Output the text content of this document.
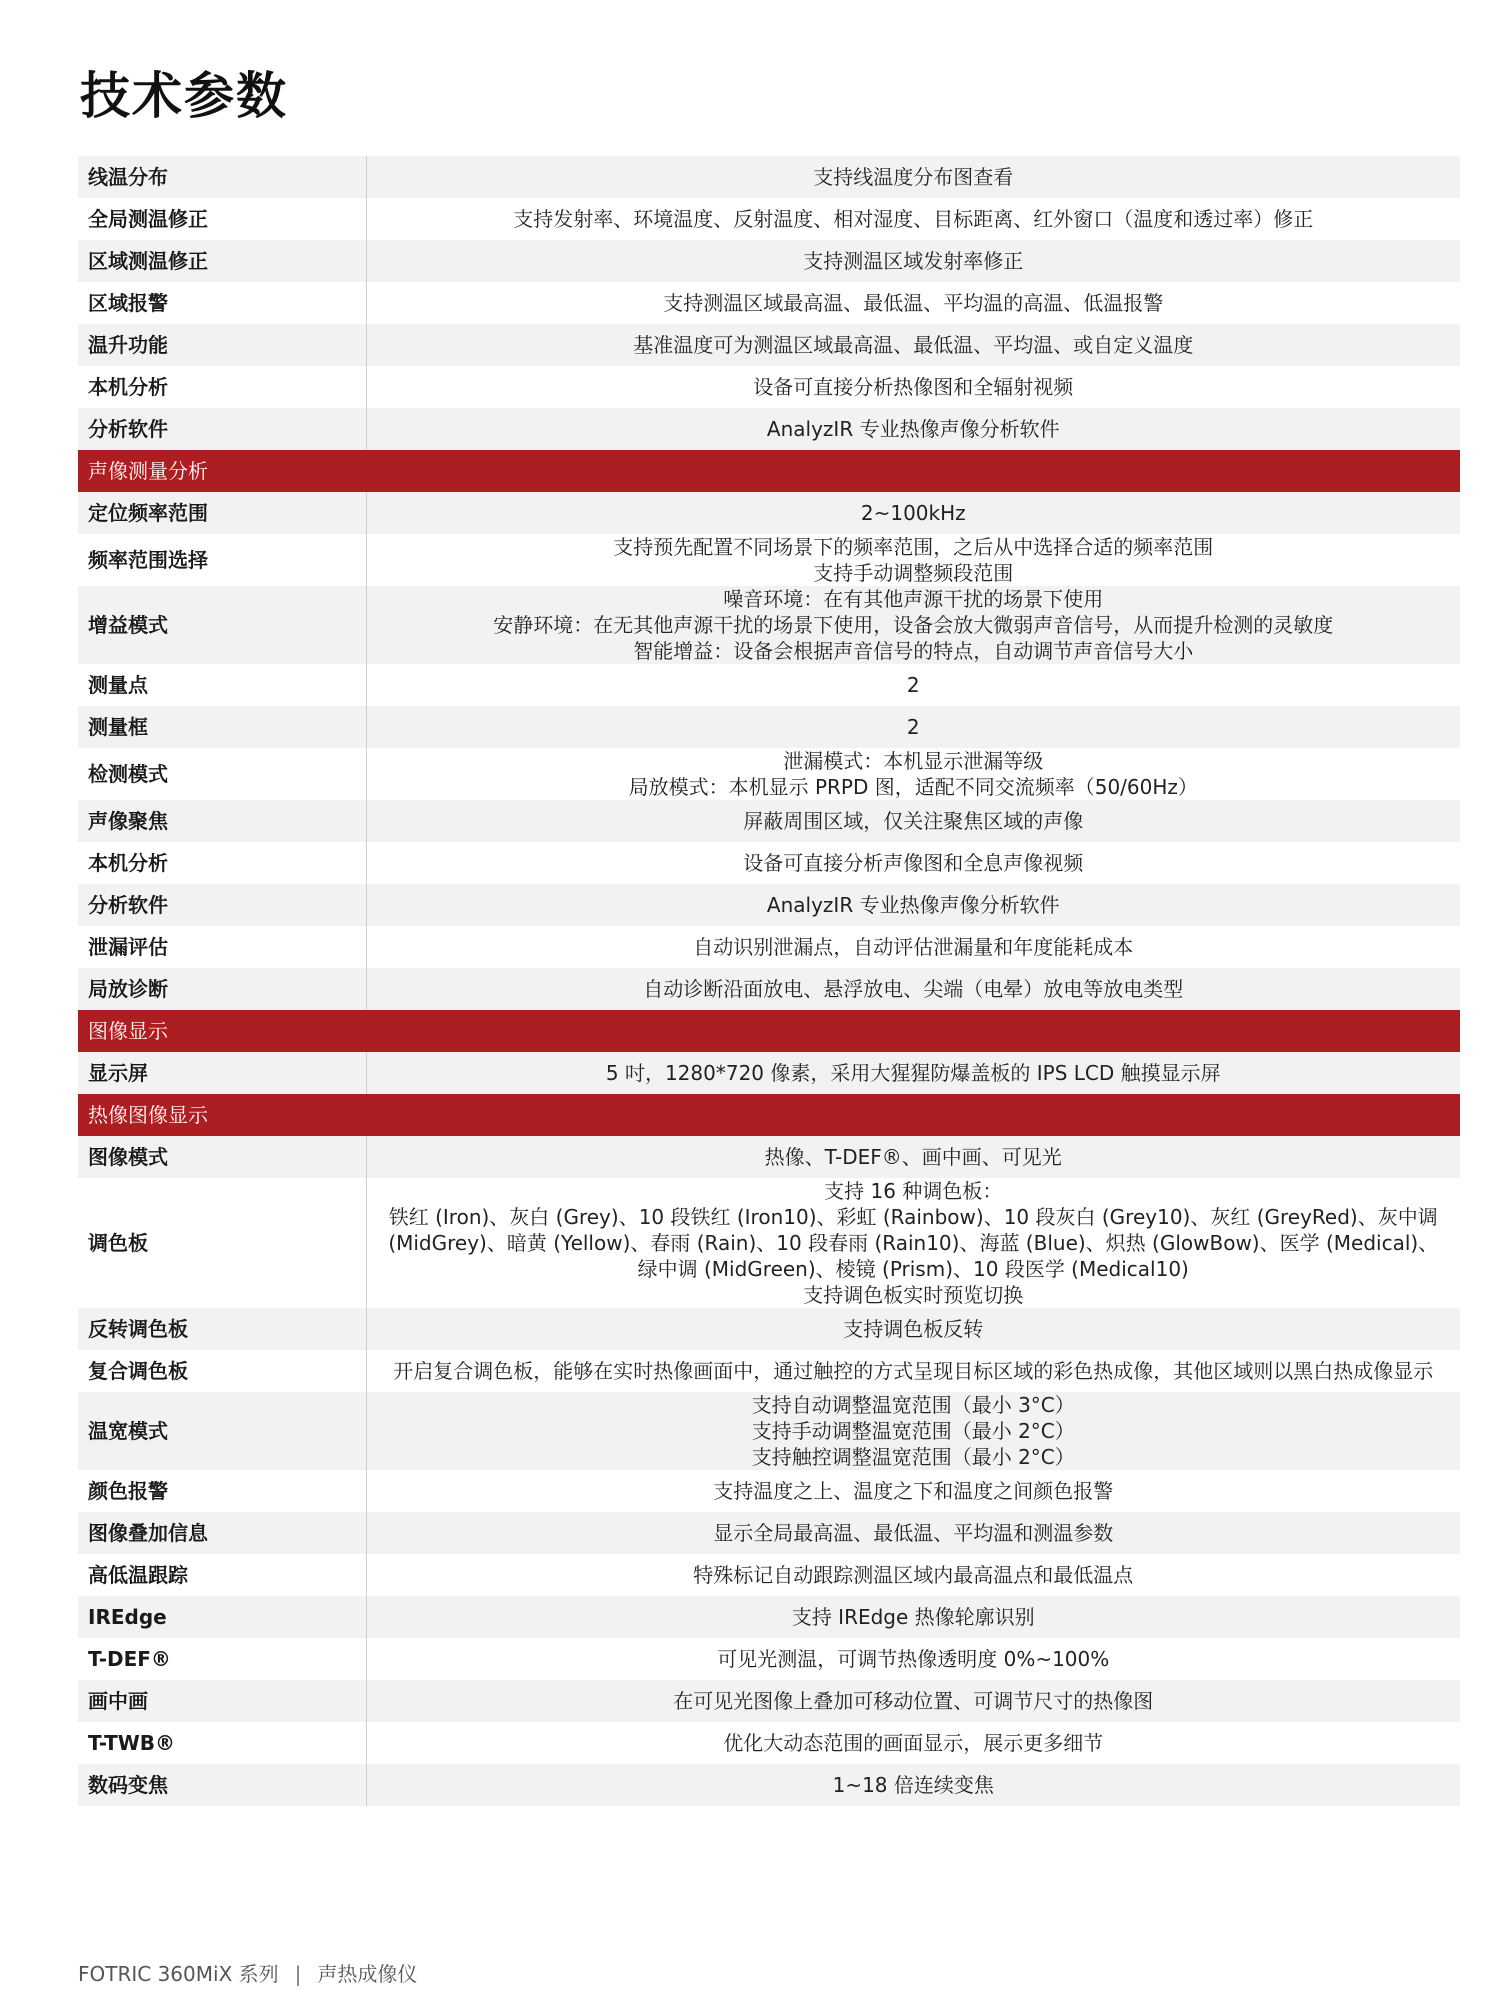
技术参数
线温分布	支持线温度分布图查看

全局测温修正	支持发射率、环境温度、反射温度、相对湿度、目标距离、红外窗口（温度和透过率）修正

区域测温修正	支持测温区域发射率修正

区域报警	支持测温区域最高温、最低温、平均温的高温、低温报警

温升功能	基准温度可为测温区域最高温、最低温、平均温、或自定义温度

本机分析	设备可直接分析热像图和全辐射视频

分析软件	AnalyzIR 专业热像声像分析软件

声像测量分析	
定位频率范围	2~100kHz

频率范围选择	支持预先配置不同场景下的频率范围，之后从中选择合适的频率范围
支持手动调整频段范围

增益模式	噪音环境：在有其他声源干扰的场景下使用
安静环境：在无其他声源干扰的场景下使用，设备会放大微弱声音信号，从而提升检测的灵敏度
智能增益：设备会根据声音信号的特点，自动调节声音信号大小

测量点	2

测量框	2

检测模式	泄漏模式：本机显示泄漏等级
局放模式：本机显示 PRPD 图，适配不同交流频率（50/60Hz）

声像聚焦	屏蔽周围区域，仅关注聚焦区域的声像

本机分析	设备可直接分析声像图和全息声像视频

分析软件	AnalyzIR 专业热像声像分析软件

泄漏评估	自动识别泄漏点，自动评估泄漏量和年度能耗成本

局放诊断	自动诊断沿面放电、悬浮放电、尖端（电晕）放电等放电类型

图像显示	
显示屏	5 吋，1280*720 像素，采用大猩猩防爆盖板的 IPS LCD 触摸显示屏

热像图像显示	
图像模式	热像、T-DEF®、画中画、可见光

调色板	支持 16 种调色板：
铁红 (Iron)、灰白 (Grey)、10 段铁红 (Iron10)、彩虹 (Rainbow)、10 段灰白 (Grey10)、灰红 (GreyRed)、灰中调 (MidGrey)、暗黄 (Yellow)、春雨 (Rain)、10 段春雨 (Rain10)、海蓝 (Blue)、炽热 (GlowBow)、医学 (Medical)、绿中调 (MidGreen)、棱镜 (Prism)、10 段医学 (Medical10)
支持调色板实时预览切换

反转调色板	支持调色板反转

复合调色板	开启复合调色板，能够在实时热像画面中，通过触控的方式呈现目标区域的彩色热成像，其他区域则以黑白热成像显示

温宽模式	支持自动调整温宽范围（最小 3°C）
支持手动调整温宽范围（最小 2°C）
支持触控调整温宽范围（最小 2°C）

颜色报警	支持温度之上、温度之下和温度之间颜色报警

图像叠加信息	显示全局最高温、最低温、平均温和测温参数

高低温跟踪	特殊标记自动跟踪测温区域内最高温点和最低温点

IREdge	支持 IREdge 热像轮廓识别

T-DEF®	可见光测温，可调节热像透明度 0%~100%

画中画	在可见光图像上叠加可移动位置、可调节尺寸的热像图

T-TWB®	优化大动态范围的画面显示，展示更多细节

数码变焦	1~18 倍连续变焦
FOTRIC 360MiX 系列 | 声热成像仪
